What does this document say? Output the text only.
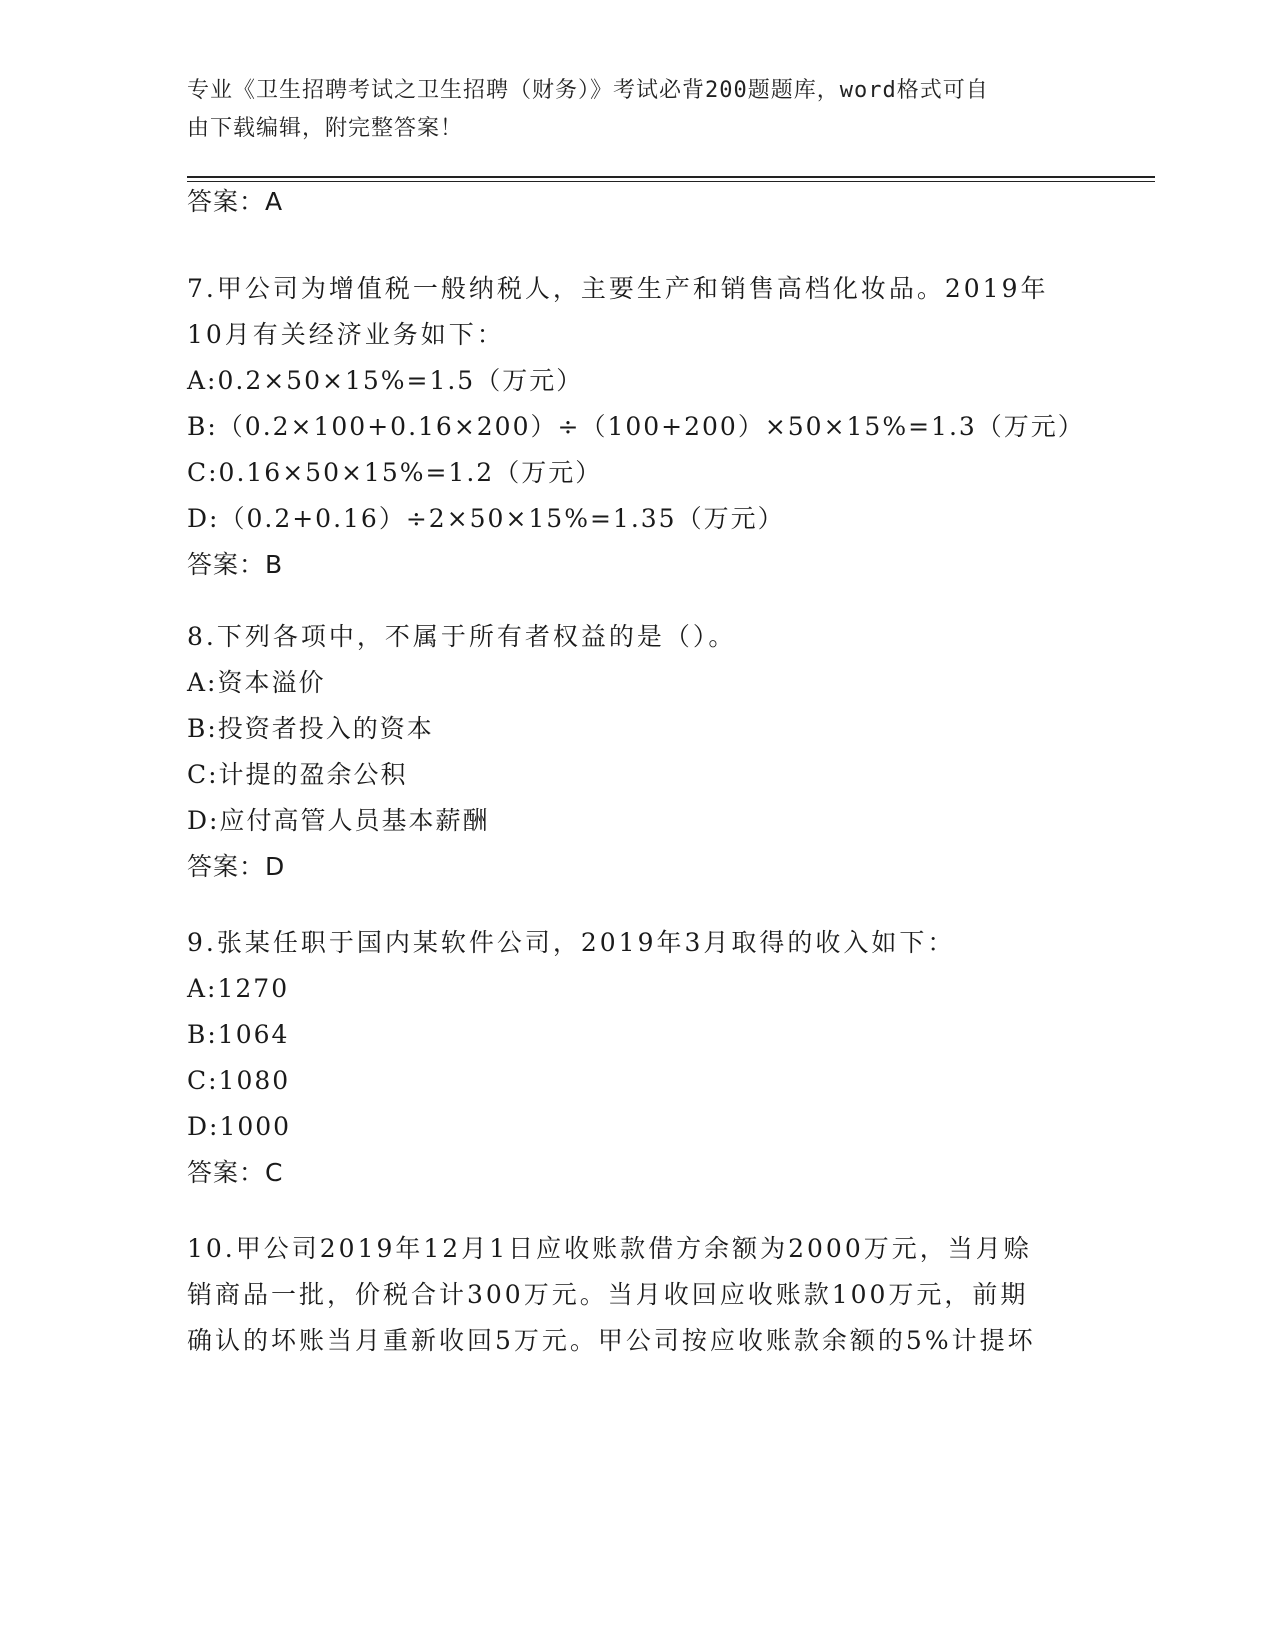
专业《卫生招聘考试之卫生招聘（财务）》考试必背200题题库，word格式可自
由下载编辑，附完整答案！
答案：A
7.甲公司为增值税一般纳税人，主要生产和销售高档化妆品。2019年
10月有关经济业务如下：
A:0.2×50×15%=1.5（万元）
B:（0.2×100+0.16×200）÷（100+200）×50×15%=1.3（万元）
C:0.16×50×15%=1.2（万元）
D:（0.2+0.16）÷2×50×15%=1.35（万元）
答案：B
8.下列各项中，不属于所有者权益的是（）。
A:资本溢价
B:投资者投入的资本
C:计提的盈余公积
D:应付高管人员基本薪酬
答案：D
9.张某任职于国内某软件公司，2019年3月取得的收入如下：
A:1270
B:1064
C:1080
D:1000
答案：C
10.甲公司2019年12月1日应收账款借方余额为2000万元，当月赊
销商品一批，价税合计300万元。当月收回应收账款100万元，前期
确认的坏账当月重新收回5万元。甲公司按应收账款余额的5%计提坏
